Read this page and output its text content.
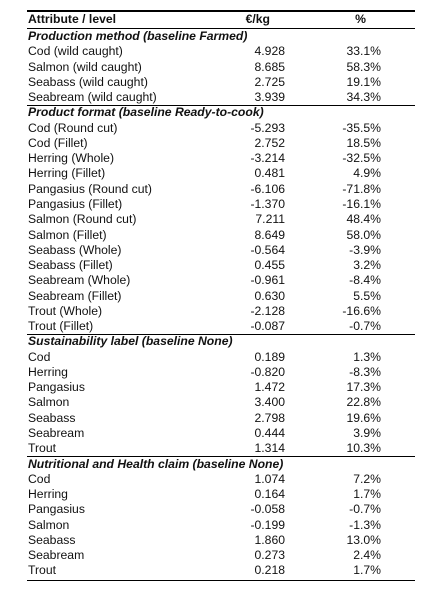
Attribute / level	€/kg	%
Production method (baseline Farmed)
Cod (wild caught)	4.928	33.1%
Salmon (wild caught)	8.685	58.3%
Seabass (wild caught)	2.725	19.1%
Seabream (wild caught)	3.939	34.3%
Product format (baseline Ready-to-cook)
Cod (Round cut)	-5.293	-35.5%
Cod (Fillet)	2.752	18.5%
Herring (Whole)	-3.214	-32.5%
Herring (Fillet)	0.481	4.9%
Pangasius (Round cut)	-6.106	-71.8%
Pangasius (Fillet)	-1.370	-16.1%
Salmon (Round cut)	7.211	48.4%
Salmon (Fillet)	8.649	58.0%
Seabass (Whole)	-0.564	-3.9%
Seabass (Fillet)	0.455	3.2%
Seabream (Whole)	-0.961	-8.4%
Seabream (Fillet)	0.630	5.5%
Trout (Whole)	-2.128	-16.6%
Trout (Fillet)	-0.087	-0.7%
Sustainability label (baseline None)
Cod	0.189	1.3%
Herring	-0.820	-8.3%
Pangasius	1.472	17.3%
Salmon	3.400	22.8%
Seabass	2.798	19.6%
Seabream	0.444	3.9%
Trout	1.314	10.3%
Nutritional and Health claim (baseline None)
Cod	1.074	7.2%
Herring	0.164	1.7%
Pangasius	-0.058	-0.7%
Salmon	-0.199	-1.3%
Seabass	1.860	13.0%
Seabream	0.273	2.4%
Trout	0.218	1.7%
